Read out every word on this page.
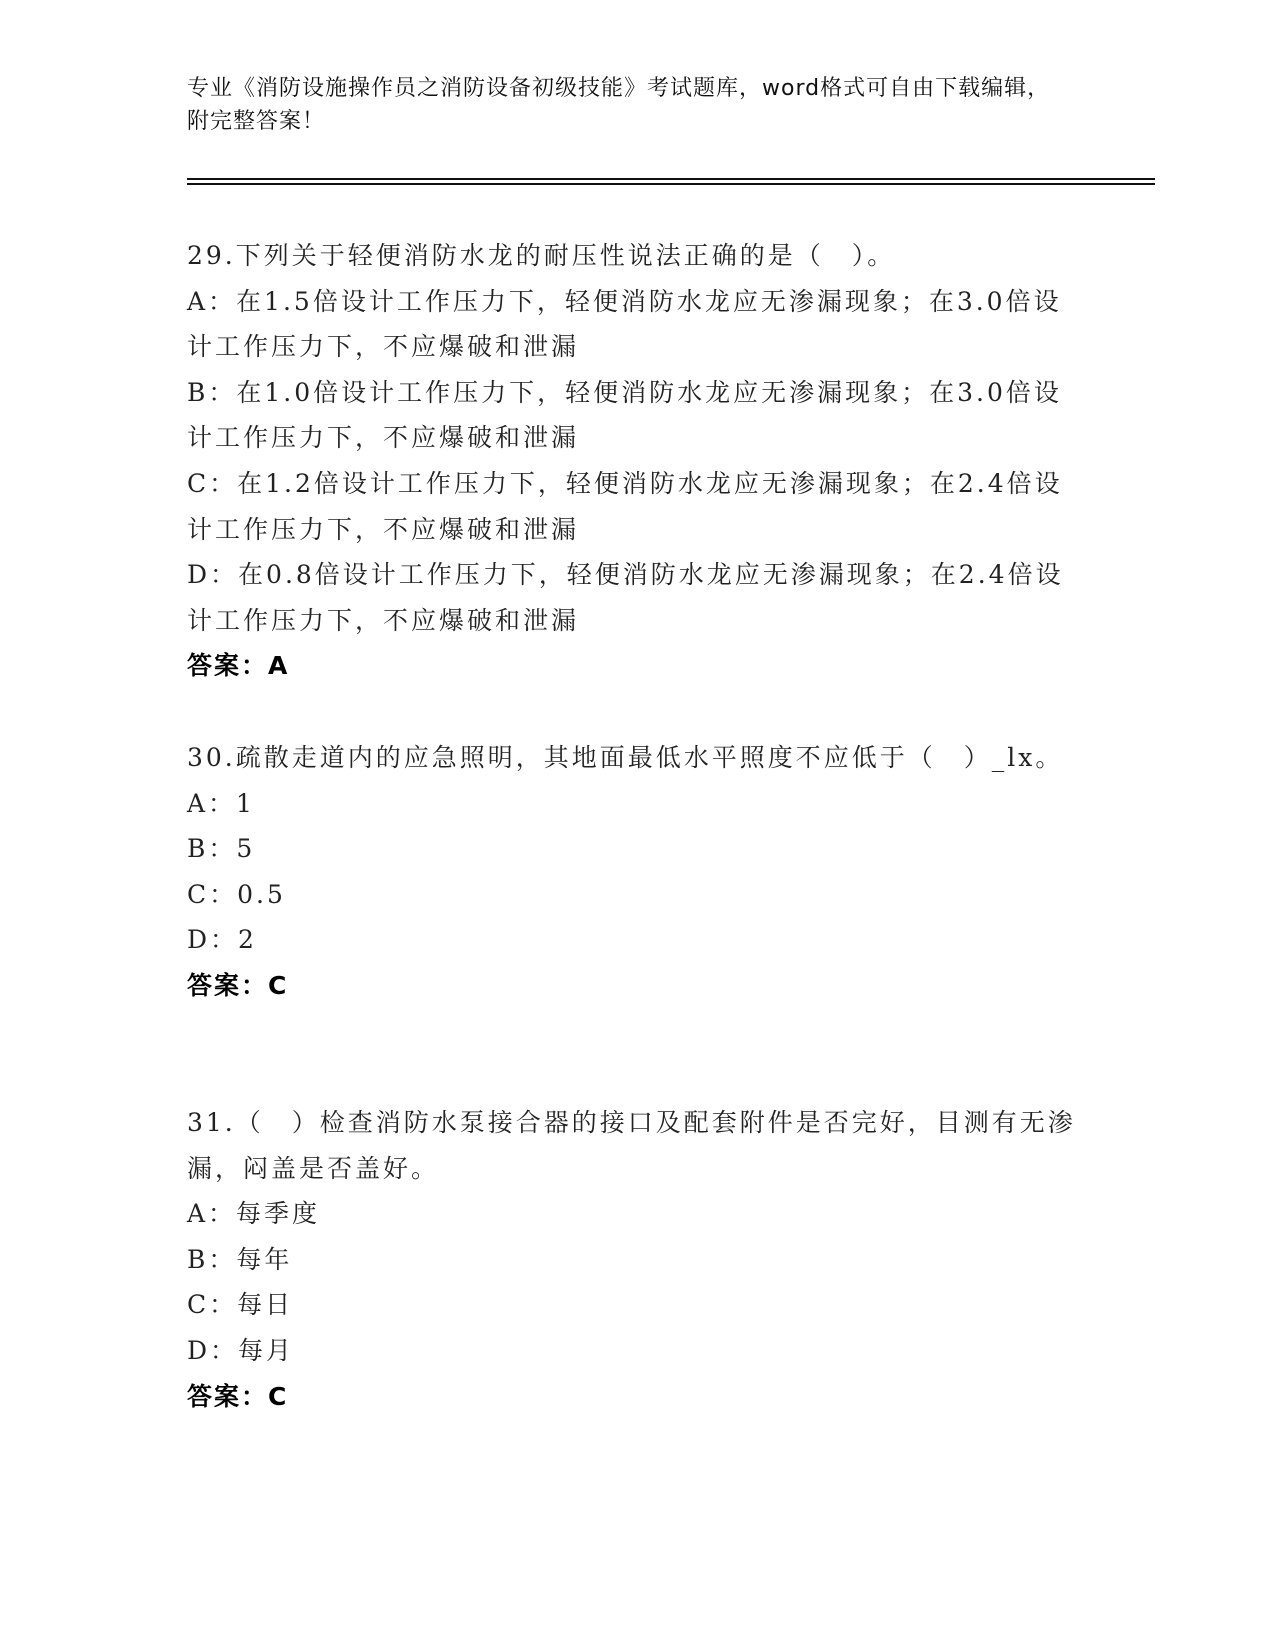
专业《消防设施操作员之消防设备初级技能》考试题库，word格式可自由下载编辑，附完整答案！

29.下列关于轻便消防水龙的耐压性说法正确的是（　）。

A：在1.5倍设计工作压力下，轻便消防水龙应无渗漏现象；在3.0倍设计工作压力下，不应爆破和泄漏

B：在1.0倍设计工作压力下，轻便消防水龙应无渗漏现象；在3.0倍设计工作压力下，不应爆破和泄漏

C：在1.2倍设计工作压力下，轻便消防水龙应无渗漏现象；在2.4倍设计工作压力下，不应爆破和泄漏

D：在0.8倍设计工作压力下，轻便消防水龙应无渗漏现象；在2.4倍设计工作压力下，不应爆破和泄漏

答案：A

30.疏散走道内的应急照明，其地面最低水平照度不应低于（　）_lx。

A：1

B：5

C：0.5

D：2

答案：C

31.（　）检查消防水泵接合器的接口及配套附件是否完好，目测有无渗漏，闷盖是否盖好。

A：每季度

B：每年

C：每日

D：每月

答案：C
